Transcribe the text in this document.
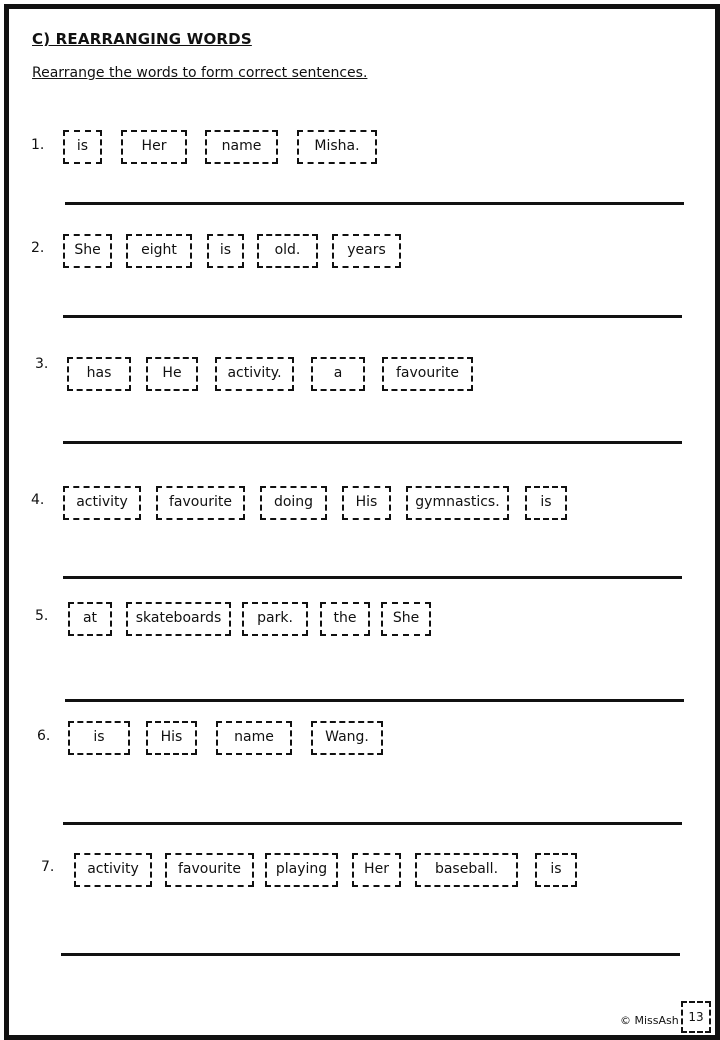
C) REARRANGING WORDS
Rearrange the words to form correct sentences.
1.	is	Her	name	Misha.
2.	She	eight	is	old.	years
3.
has	He	activity.	a	favourite
4.	activity	favourite	doing	His	gymnastics.	is
5.	at	skateboards	park.	the	She
6.	is	His	name	Wang.
7.	activity	favourite	playing	Her	baseball.	is
© MissAsh 13
